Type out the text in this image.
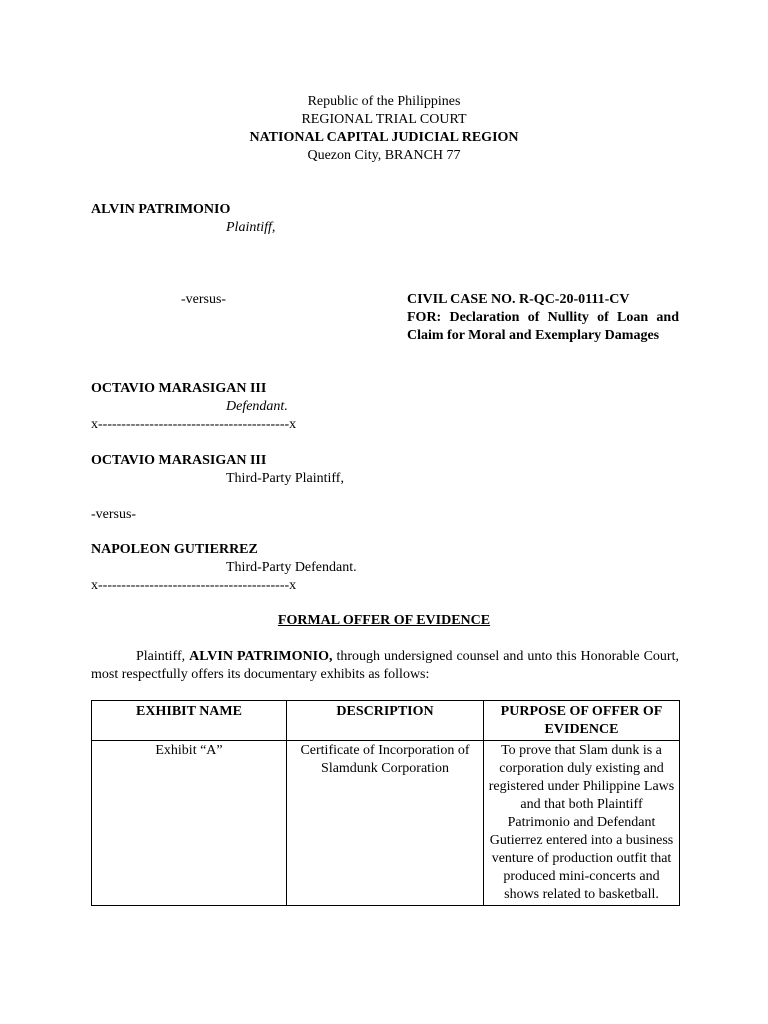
Republic of the Philippines
REGIONAL TRIAL COURT
NATIONAL CAPITAL JUDICIAL REGION
Quezon City, BRANCH 77
ALVIN PATRIMONIO
Plaintiff,
-versus-	CIVIL CASE NO. R-QC-20-0111-CV
FOR: Declaration of Nullity of Loan and
Claim for Moral and Exemplary Damages
OCTAVIO MARASIGAN III
Defendant.
x-----------------------------------------x
OCTAVIO MARASIGAN III
Third-Party Plaintiff,
-versus-
NAPOLEON GUTIERREZ
Third-Party Defendant.
x-----------------------------------------x
FORMAL OFFER OF EVIDENCE
Plaintiff, ALVIN PATRIMONIO, through undersigned counsel and unto this Honorable Court, most respectfully offers its documentary exhibits as follows:
EXHIBIT NAME	DESCRIPTION	PURPOSE OF OFFER OF EVIDENCE
Exhibit “A”	Certificate of Incorporation of Slamdunk Corporation	To prove that Slam dunk is a corporation duly existing and registered under Philippine Laws and that both Plaintiff Patrimonio and Defendant Gutierrez entered into a business venture of production outfit that produced mini-concerts and shows related to basketball.
